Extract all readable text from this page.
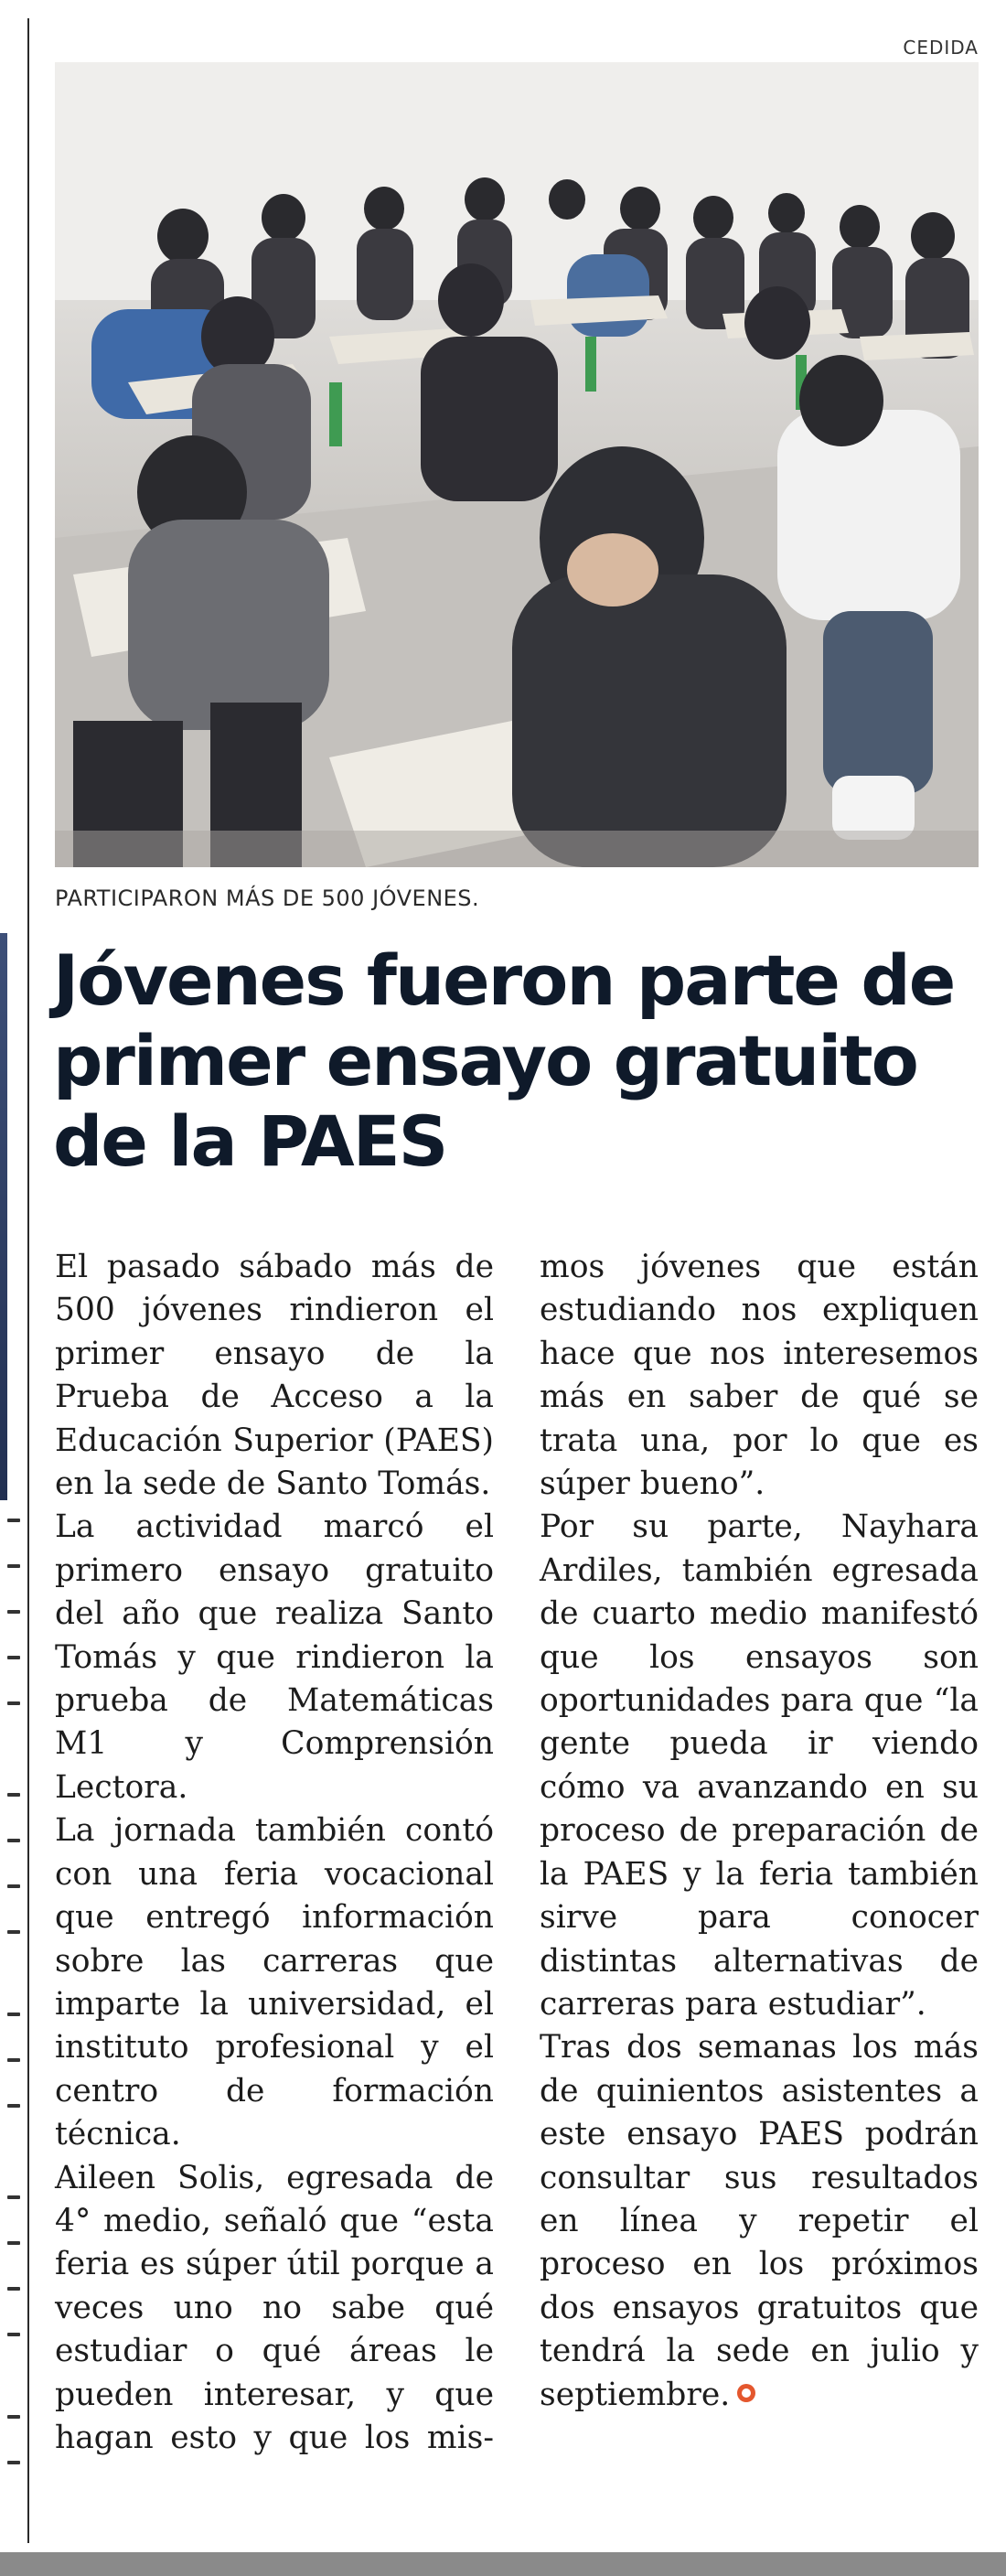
CEDIDA
PARTICIPARON MÁS DE 500 JÓVENES.
Jóvenes fueron parte de primer ensayo gratuito de la PAES

El pasado sábado más de 500 jóvenes rindieron el primer ensayo de la Prueba de Acceso a la Educación Superior (PAES) en la sede de Santo Tomás.

La actividad marcó el primero ensayo gratuito del año que realiza Santo Tomás y que rindieron la prueba de Matemáticas M1 y Comprensión Lectora.

La jornada también contó con una feria vocacional que entregó información sobre las carreras que imparte la universidad, el instituto profesional y el centro de formación técnica.

Aileen Solis, egresada de 4° medio, señaló que “esta feria es súper útil porque a veces uno no sabe qué estudiar o qué áreas le pueden interesar, y que hagan esto y que los mis-

mos jóvenes que están estudiando nos expliquen hace que nos interesemos más en saber de qué se trata una, por lo que es súper bueno”.

Por su parte, Nayhara Ardiles, también egresada de cuarto medio manifestó que los ensayos son oportunidades para que “la gente pueda ir viendo cómo va avanzando en su proceso de preparación de la PAES y la feria también sirve para conocer distintas alternativas de carreras para estudiar”.

Tras dos semanas los más de quinientos asistentes a este ensayo PAES podrán consultar sus resultados en línea y repetir el proceso en los próximos dos ensayos gratuitos que tendrá la sede en julio y septiembre.
